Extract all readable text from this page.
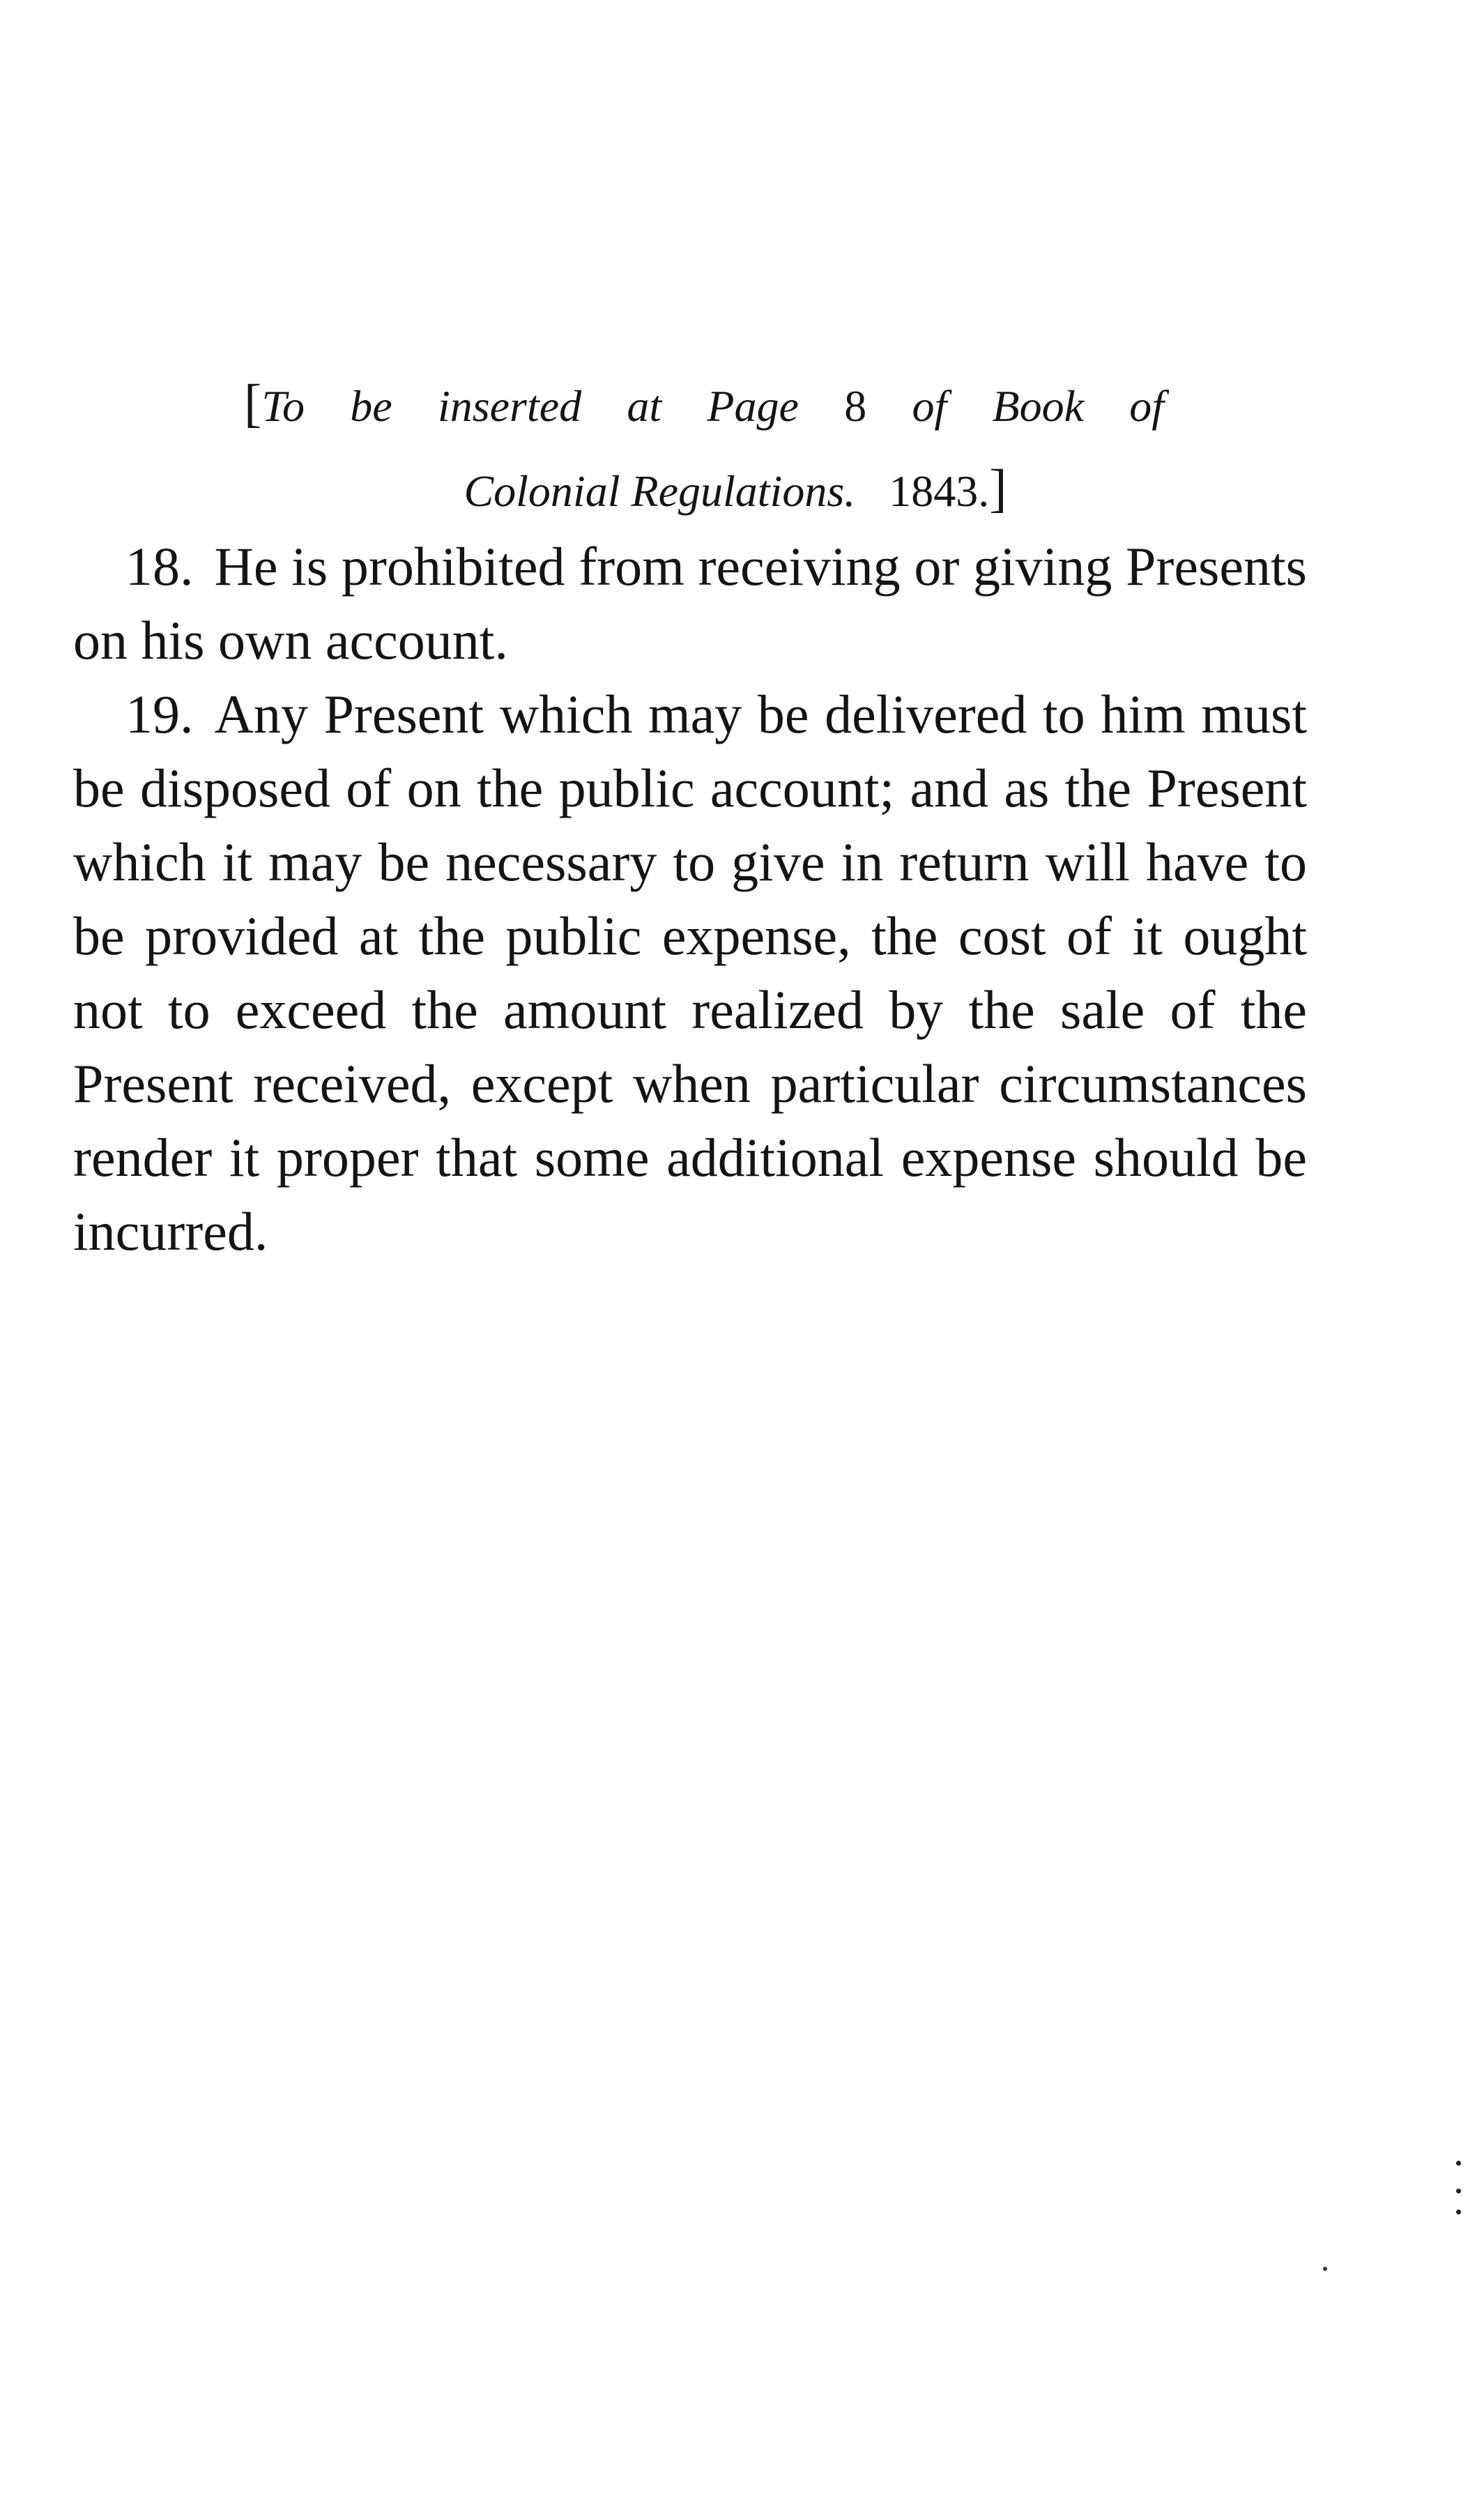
[To be inserted at Page 8 of Book of
Colonial Regulations. 1843.]

18. He is prohibited from receiving or giving Presents on his own account.

19. Any Present which may be delivered to him must be disposed of on the public account; and as the Present which it may be necessary to give in return will have to be provided at the public expense, the cost of it ought not to exceed the amount realized by the sale of the Present received, except when particular circumstances render it proper that some additional expense should be incurred.
